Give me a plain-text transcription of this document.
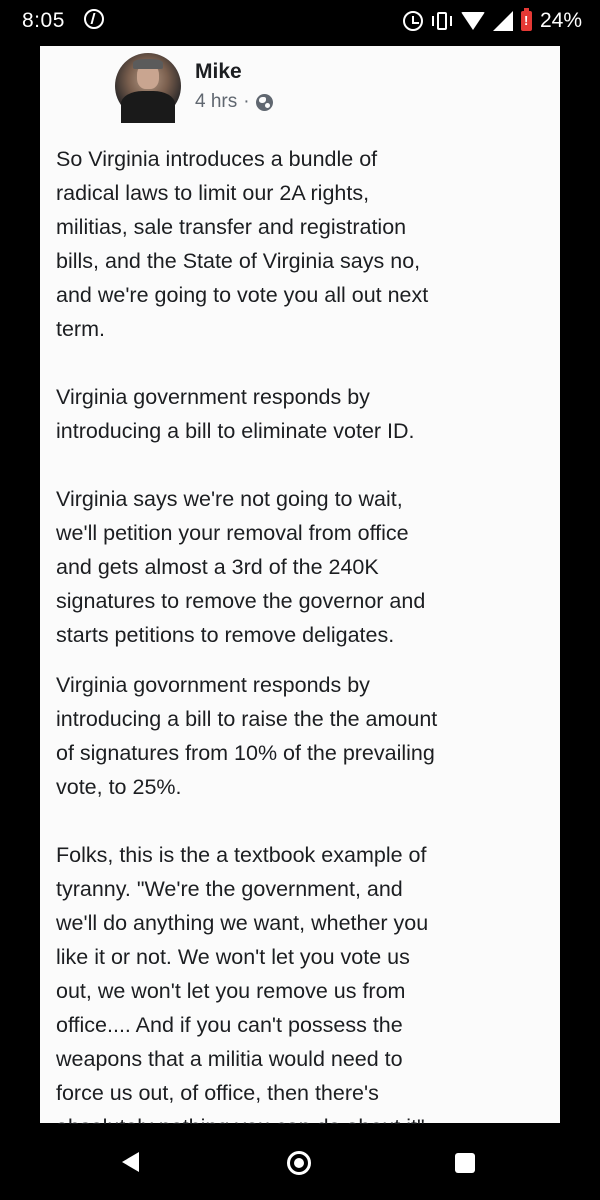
8:05
!	24%
Mike
4 hrs ·

So Virginia introduces a bundle of
radical laws to limit our 2A rights,
militias, sale transfer and registration
bills, and the State of Virginia says no,
and we're going to vote you all out next
term.

Virginia government responds by
introducing a bill to eliminate voter ID.

Virginia says we're not going to wait,
we'll petition your removal from office
and gets almost a 3rd of the 240K
signatures to remove the governor and
starts petitions to remove deligates.

Virginia govornment responds by
introducing a bill to raise the the amount
of signatures from 10% of the prevailing
vote, to 25%.

Folks, this is the a textbook example of
tyranny. "We're the government, and
we'll do anything we want, whether you
like it or not. We won't let you vote us
out, we won't let you remove us from
office.... And if you can't possess the
weapons that a militia would need to
force us out, of office, then there's
